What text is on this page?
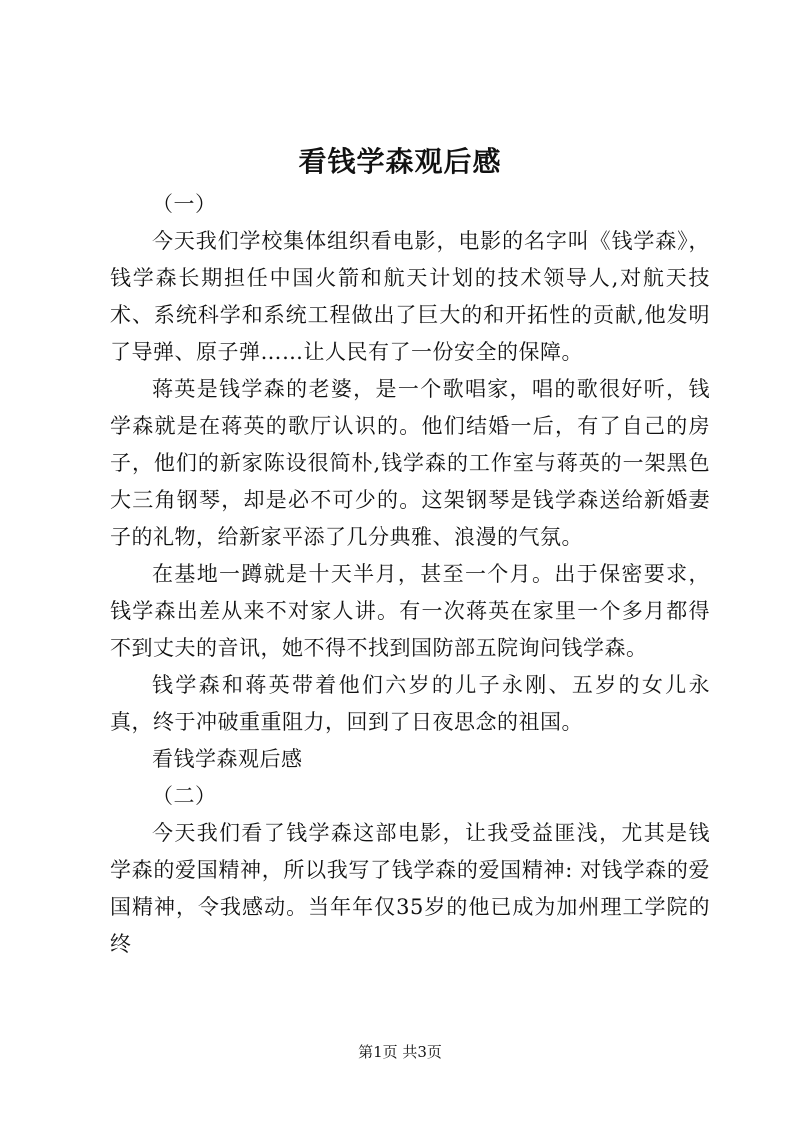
看钱学森观后感

（一）

今天我们学校集体组织看电影，电影的名字叫《钱学森》，钱学森长期担任中国火箭和航天计划的技术领导人,对航天技术、系统科学和系统工程做出了巨大的和开拓性的贡献,他发明了导弹、原子弹……让人民有了一份安全的保障。

蒋英是钱学森的老婆，是一个歌唱家，唱的歌很好听，钱学森就是在蒋英的歌厅认识的。他们结婚一后，有了自己的房子，他们的新家陈设很简朴,钱学森的工作室与蒋英的一架黑色大三角钢琴，却是必不可少的。这架钢琴是钱学森送给新婚妻子的礼物，给新家平添了几分典雅、浪漫的气氛。

在基地一蹲就是十天半月，甚至一个月。出于保密要求，钱学森出差从来不对家人讲。有一次蒋英在家里一个多月都得不到丈夫的音讯，她不得不找到国防部五院询问钱学森。

钱学森和蒋英带着他们六岁的儿子永刚、五岁的女儿永真，终于冲破重重阻力，回到了日夜思念的祖国。

看钱学森观后感

（二）

今天我们看了钱学森这部电影，让我受益匪浅，尤其是钱学森的爱国精神，所以我写了钱学森的爱国精神: 对钱学森的爱国精神，令我感动。当年年仅35岁的他已成为加州理工学院的终

第1页 共3页
